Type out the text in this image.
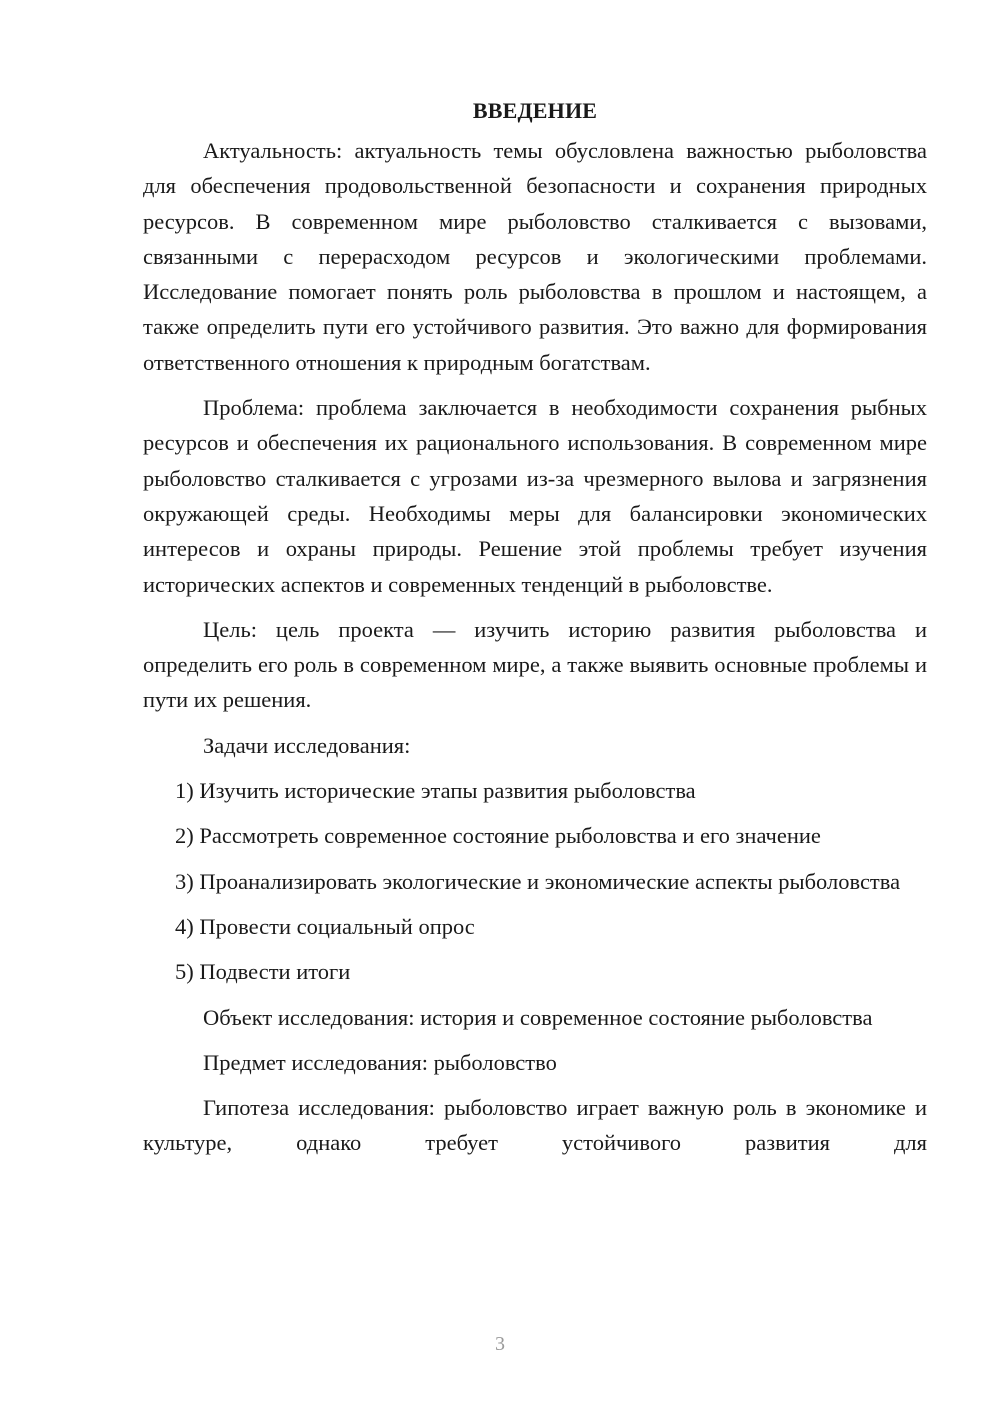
ВВЕДЕНИЕ

Актуальность: актуальность темы обусловлена важностью рыболовства для обеспечения продовольственной безопасности и сохранения природных ресурсов. В современном мире рыболовство сталкивается с вызовами, связанными с перерасходом ресурсов и экологическими проблемами. Исследование помогает понять роль рыболовства в прошлом и настоящем, а также определить пути его устойчивого развития. Это важно для формирования ответственного отношения к природным богатствам.

Проблема: проблема заключается в необходимости сохранения рыбных ресурсов и обеспечения их рационального использования. В современном мире рыболовство сталкивается с угрозами из-за чрезмерного вылова и загрязнения окружающей среды. Необходимы меры для балансировки экономических интересов и охраны природы. Решение этой проблемы требует изучения исторических аспектов и современных тенденций в рыболовстве.

Цель: цель проекта — изучить историю развития рыболовства и определить его роль в современном мире, а также выявить основные проблемы и пути их решения.

Задачи исследования:

1) Изучить исторические этапы развития рыболовства

2) Рассмотреть современное состояние рыболовства и его значение

3) Проанализировать экологические и экономические аспекты рыболовства

4) Провести социальный опрос

5) Подвести итоги

Объект исследования: история и современное состояние рыболовства

Предмет исследования: рыболовство

Гипотеза исследования: рыболовство играет важную роль в экономике и культуре, однако требует устойчивого развития для

3
